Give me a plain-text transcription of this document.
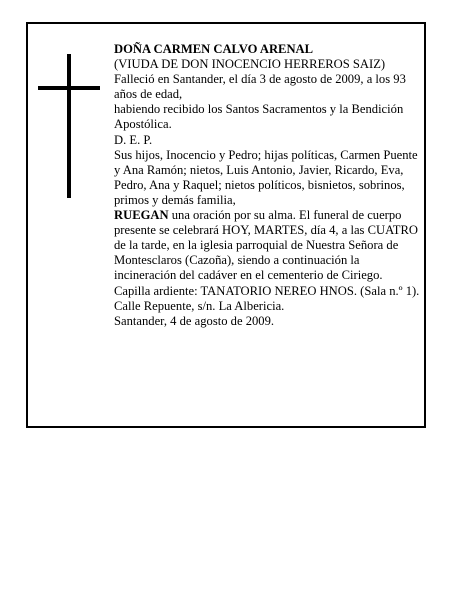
DOÑA CARMEN CALVO ARENAL

(VIUDA DE DON INOCENCIO HERREROS SAIZ)

Falleció en Santander, el día 3 de agosto de 2009, a los 93 años de edad,

habiendo recibido los Santos Sacramentos y la Bendición Apostólica.

D. E. P.

Sus hijos, Inocencio y Pedro; hijas políticas, Carmen Puente y Ana Ramón; nietos, Luis Antonio, Javier, Ricardo, Eva, Pedro, Ana y Raquel; nietos políticos, bisnietos, sobrinos, primos y demás familia,

RUEGAN una oración por su alma. El funeral de cuerpo presente se celebrará HOY, MARTES, día 4, a las CUATRO de la tarde, en la iglesia parroquial de Nuestra Señora de Montesclaros (Cazoña), siendo a continuación la incineración del cadáver en el cementerio de Ciriego. Capilla ardiente: TANATORIO NEREO HNOS. (Sala n.º 1). Calle Repuente, s/n. La Albericia.

Santander, 4 de agosto de 2009.
